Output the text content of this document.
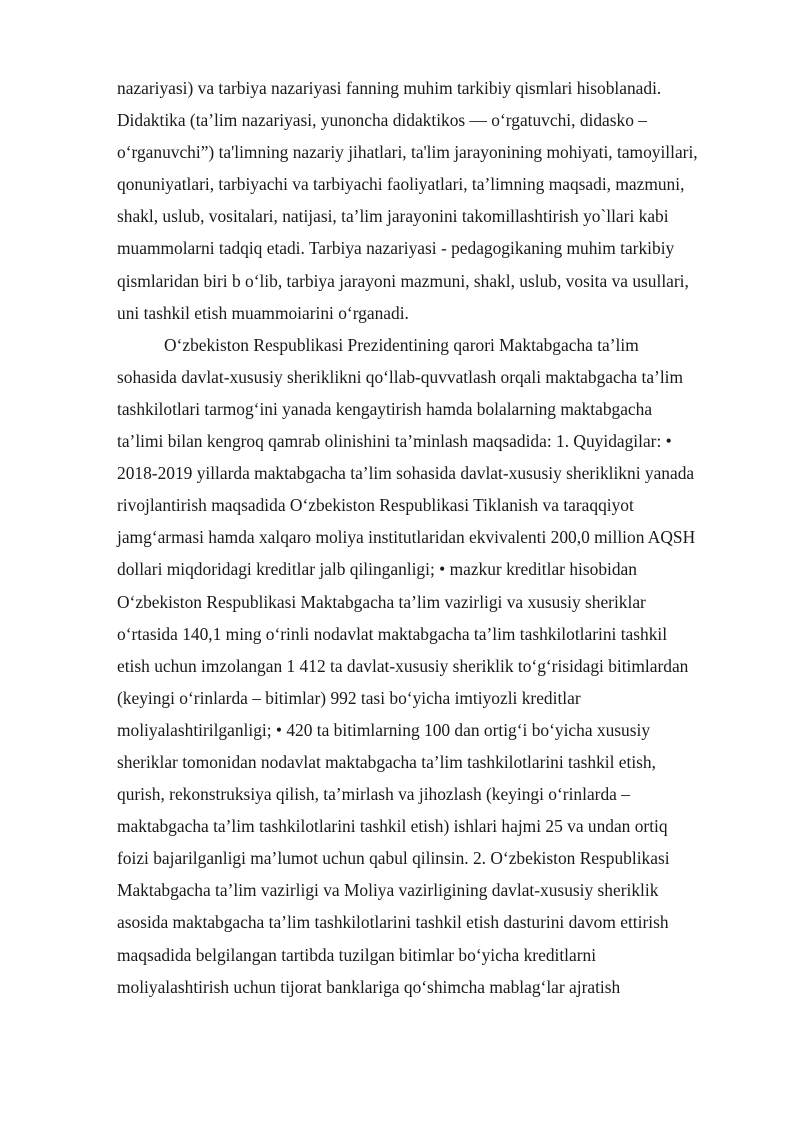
nazariyasi) va tarbiya nazariyasi fanning muhim tarkibiy qismlari hisoblanadi.
Didaktika (ta’lim nazariyasi, yunoncha didaktikos — o‘rgatuvchi, didasko –
o‘rganuvchi”) ta'limning nazariy jihatlari, ta'lim jarayonining mohiyati, tamoyillari,
qonuniyatlari, tarbiyachi va tarbiyachi faoliyatlari, ta’limning maqsadi, mazmuni,
shakl, uslub, vositalari, natijasi, ta’lim jarayonini takomillashtirish yo`llari kabi
muammolarni tadqiq etadi. Tarbiya nazariyasi - pedagogikaning muhim tarkibiy
qismlaridan biri b o‘lib, tarbiya jarayoni mazmuni, shakl, uslub, vosita va usullari,
uni tashkil etish muammoiarini o‘rganadi.
O‘zbekiston Respublikasi Prezidentining qarori Maktabgacha ta’lim
sohasida davlat-xususiy sheriklikni qo‘llab-quvvatlash orqali maktabgacha ta’lim
tashkilotlari tarmog‘ini yanada kengaytirish hamda bolalarning maktabgacha
ta’limi bilan kengroq qamrab olinishini ta’minlash maqsadida: 1. Quyidagilar: •
2018-2019 yillarda maktabgacha ta’lim sohasida davlat-xususiy sheriklikni yanada
rivojlantirish maqsadida O‘zbekiston Respublikasi Tiklanish va taraqqiyot
jamg‘armasi hamda xalqaro moliya institutlaridan ekvivalenti 200,0 million AQSH
dollari miqdoridagi kreditlar jalb qilinganligi; • mazkur kreditlar hisobidan
O‘zbekiston Respublikasi Maktabgacha ta’lim vazirligi va xususiy sheriklar
o‘rtasida 140,1 ming o‘rinli nodavlat maktabgacha ta’lim tashkilotlarini tashkil
etish uchun imzolangan 1 412 ta davlat-xususiy sheriklik to‘g‘risidagi bitimlardan
(keyingi o‘rinlarda – bitimlar) 992 tasi bo‘yicha imtiyozli kreditlar
moliyalashtirilganligi; • 420 ta bitimlarning 100 dan ortig‘i bo‘yicha xususiy
sheriklar tomonidan nodavlat maktabgacha ta’lim tashkilotlarini tashkil etish,
qurish, rekonstruksiya qilish, ta’mirlash va jihozlash (keyingi o‘rinlarda –
maktabgacha ta’lim tashkilotlarini tashkil etish) ishlari hajmi 25 va undan ortiq
foizi bajarilganligi ma’lumot uchun qabul qilinsin. 2. O‘zbekiston Respublikasi
Maktabgacha ta’lim vazirligi va Moliya vazirligining davlat-xususiy sheriklik
asosida maktabgacha ta’lim tashkilotlarini tashkil etish dasturini davom ettirish
maqsadida belgilangan tartibda tuzilgan bitimlar bo‘yicha kreditlarni
moliyalashtirish uchun tijorat banklariga qo‘shimcha mablag‘lar ajratish
